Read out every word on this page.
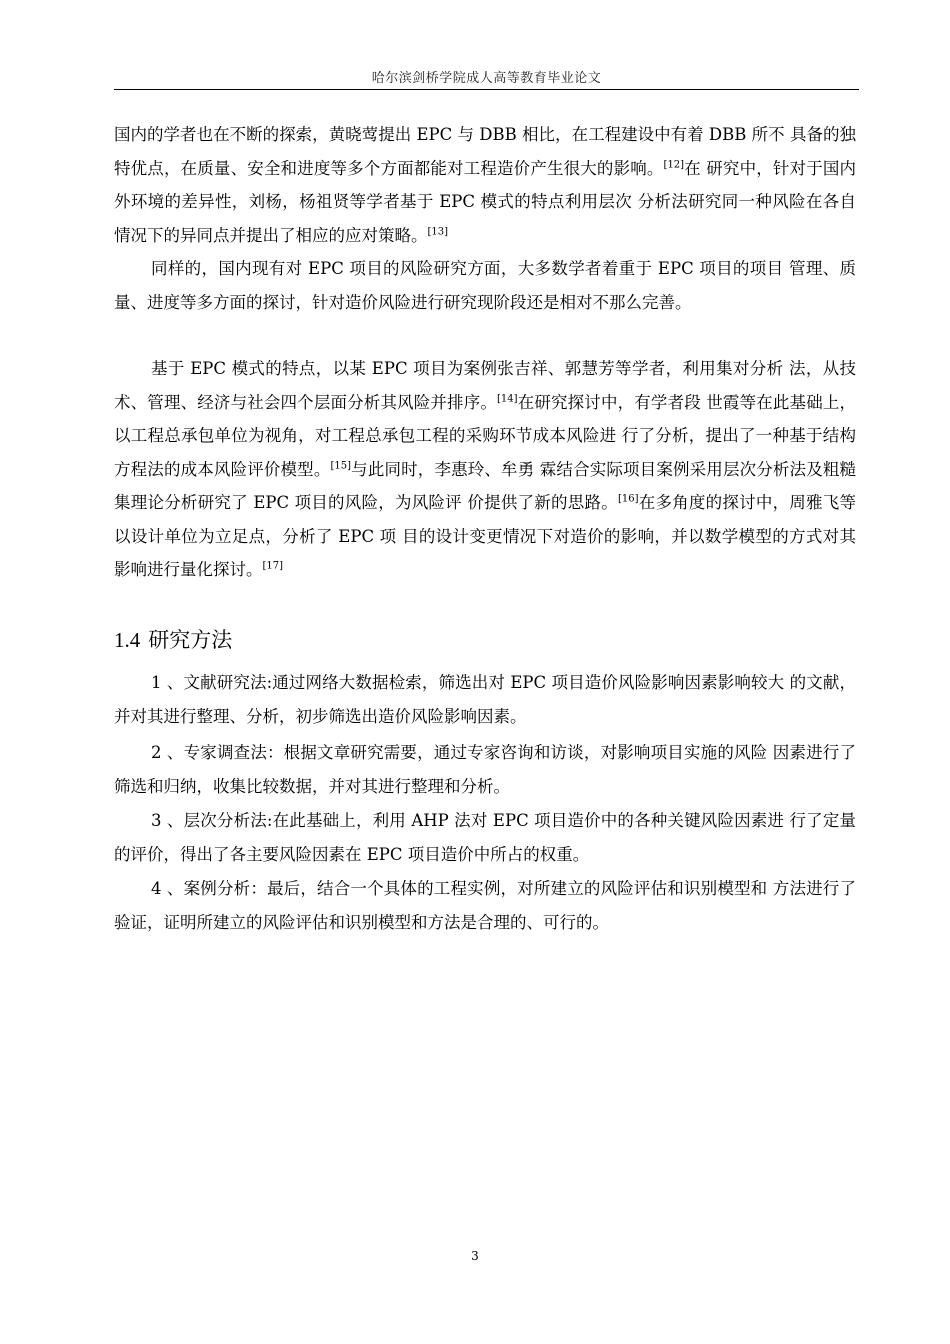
哈尔滨剑桥学院成人高等教育毕业论文

国内的学者也在不断的探索，黄晓莺提出 EPC 与 DBB 相比，在工程建设中有着 DBB 所不 具备的独特优点，在质量、安全和进度等多个方面都能对工程造价产生很大的影响。[12]在 研究中，针对于国内外环境的差异性，刘杨，杨祖贤等学者基于 EPC 模式的特点利用层次 分析法研究同一种风险在各自情况下的异同点并提出了相应的应对策略。[13]

同样的，国内现有对 EPC 项目的风险研究方面，大多数学者着重于 EPC 项目的项目 管理、质量、进度等多方面的探讨，针对造价风险进行研究现阶段还是相对不那么完善。

基于 EPC 模式的特点，以某 EPC 项目为案例张吉祥、郭慧芳等学者，利用集对分析 法，从技术、管理、经济与社会四个层面分析其风险并排序。[14]在研究探讨中，有学者段 世霞等在此基础上，以工程总承包单位为视角，对工程总承包工程的采购环节成本风险进 行了分析，提出了一种基于结构方程法的成本风险评价模型。[15]与此同时，李惠玲、牟勇 霖结合实际项目案例采用层次分析法及粗糙集理论分析研究了 EPC 项目的风险，为风险评 价提供了新的思路。[16]在多角度的探讨中，周雅飞等以设计单位为立足点，分析了 EPC 项 目的设计变更情况下对造价的影响，并以数学模型的方式对其影响进行量化探讨。[17]

1.4 研究方法

1 、文献研究法:通过网络大数据检索，筛选出对 EPC 项目造价风险影响因素影响较大 的文献，并对其进行整理、分析，初步筛选出造价风险影响因素。

2 、专家调查法：根据文章研究需要，通过专家咨询和访谈，对影响项目实施的风险 因素进行了筛选和归纳，收集比较数据，并对其进行整理和分析。

3 、层次分析法:在此基础上，利用 AHP 法对 EPC 项目造价中的各种关键风险因素进 行了定量的评价，得出了各主要风险因素在 EPC 项目造价中所占的权重。

4 、案例分析：最后，结合一个具体的工程实例，对所建立的风险评估和识别模型和 方法进行了验证，证明所建立的风险评估和识别模型和方法是合理的、可行的。

3
